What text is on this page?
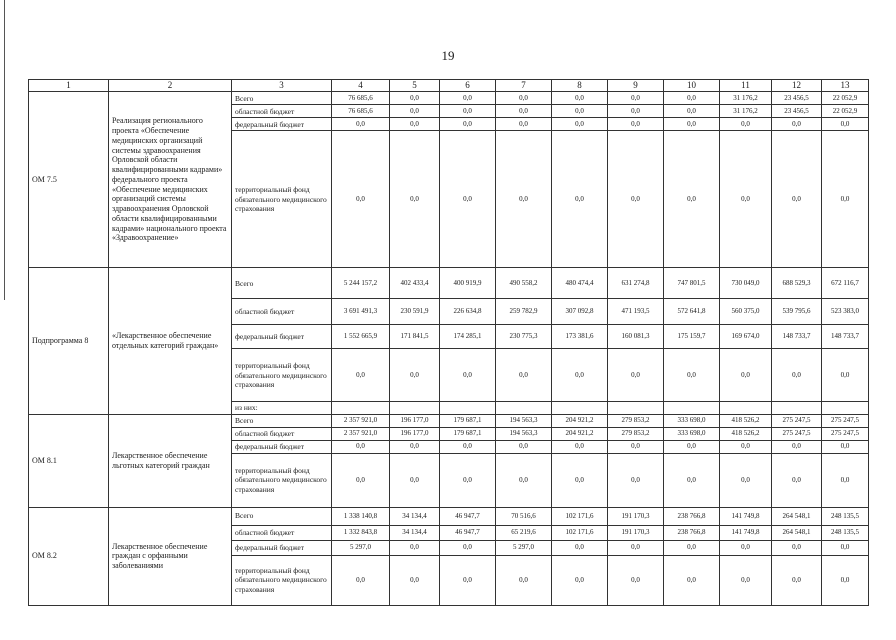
19
1	2	3	4	5	6	7	8	9	10	11	12	13
ОМ 7.5	Реализация регионального проекта «Обеспечение медицинских организаций системы здравоохранения Орловской области квалифицированными кадрами» федерального проекта «Обеспечение медицинских организаций системы здравоохранения Орловской области квалифицированными кадрами» национального проекта «Здравоохранение»	Всего	76 685,6	0,0	0,0	0,0	0,0	0,0	0,0	31 176,2	23 456,5	22 052,9
		областной бюджет	76 685,6	0,0	0,0	0,0	0,0	0,0	0,0	31 176,2	23 456,5	22 052,9
		федеральный бюджет	0,0	0,0	0,0	0,0	0,0	0,0	0,0	0,0	0,0	0,0
		территориальный фонд обязательного медицинского страхования	0,0	0,0	0,0	0,0	0,0	0,0	0,0	0,0	0,0	0,0
Подпрограмма 8	«Лекарственное обеспечение отдельных категорий граждан»	Всего	5 244 157,2	402 433,4	400 919,9	490 558,2	480 474,4	631 274,8	747 801,5	730 049,0	688 529,3	672 116,7
		областной бюджет	3 691 491,3	230 591,9	226 634,8	259 782,9	307 092,8	471 193,5	572 641,8	560 375,0	539 795,6	523 383,0
		федеральный бюджет	1 552 665,9	171 841,5	174 285,1	230 775,3	173 381,6	160 081,3	175 159,7	169 674,0	148 733,7	148 733,7
		территориальный фонд обязательного медицинского страхования	0,0	0,0	0,0	0,0	0,0	0,0	0,0	0,0	0,0	0,0
		из них:										
ОМ 8.1	Лекарственное обеспечение льготных категорий граждан	Всего	2 357 921,0	196 177,0	179 687,1	194 563,3	204 921,2	279 853,2	333 698,0	418 526,2	275 247,5	275 247,5
		областной бюджет	2 357 921,0	196 177,0	179 687,1	194 563,3	204 921,2	279 853,2	333 698,0	418 526,2	275 247,5	275 247,5
		федеральный бюджет	0,0	0,0	0,0	0,0	0,0	0,0	0,0	0,0	0,0	0,0
		территориальный фонд обязательного медицинского страхования	0,0	0,0	0,0	0,0	0,0	0,0	0,0	0,0	0,0	0,0
ОМ 8.2	Лекарственное обеспечение граждан с орфанными заболеваниями	Всего	1 338 140,8	34 134,4	46 947,7	70 516,6	102 171,6	191 170,3	238 766,8	141 749,8	264 548,1	248 135,5
		областной бюджет	1 332 843,8	34 134,4	46 947,7	65 219,6	102 171,6	191 170,3	238 766,8	141 749,8	264 548,1	248 135,5
		федеральный бюджет	5 297,0	0,0	0,0	5 297,0	0,0	0,0	0,0	0,0	0,0	0,0
		территориальный фонд обязательного медицинского страхования	0,0	0,0	0,0	0,0	0,0	0,0	0,0	0,0	0,0	0,0
